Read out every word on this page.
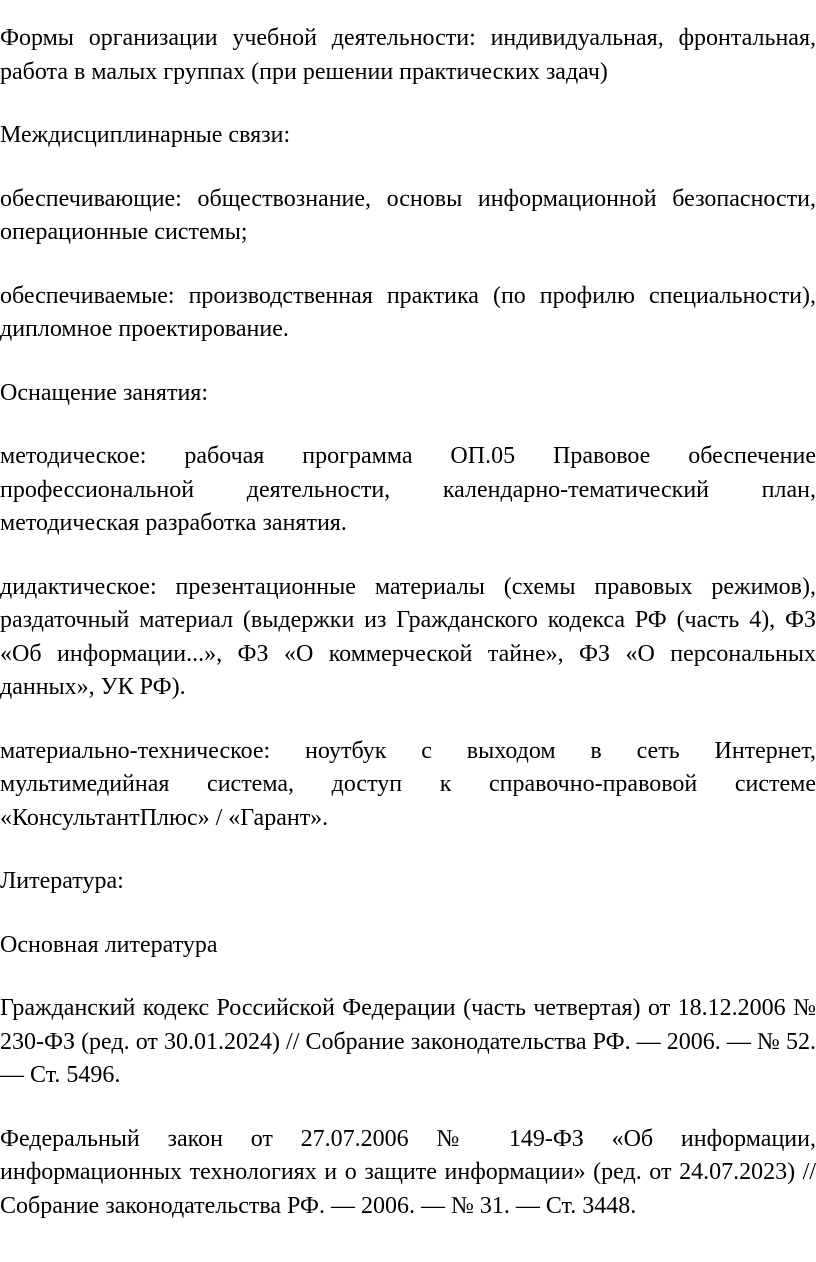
Формы организации учебной деятельности: индивидуальная, фронтальная, работа в малых группах (при решении практических задач)

Междисциплинарные связи:

обеспечивающие: обществознание, основы информационной безопасности, операционные системы;

обеспечиваемые: производственная практика (по профилю специальности), дипломное проектирование.

Оснащение занятия:

методическое: рабочая программа ОП.05 Правовое обеспечение профессиональной деятельности, календарно-тематический план, методическая разработка занятия.

дидактическое: презентационные материалы (схемы правовых режимов), раздаточный материал (выдержки из Гражданского кодекса РФ (часть 4), ФЗ «Об информации...», ФЗ «О коммерческой тайне», ФЗ «О персональных данных», УК РФ).

материально-техническое: ноутбук с выходом в сеть Интернет, мультимедийная система, доступ к справочно-правовой системе «КонсультантПлюс» / «Гарант».

Литература:

Основная литература

Гражданский кодекс Российской Федерации (часть четвертая) от 18.12.2006 № 230-ФЗ (ред. от 30.01.2024) // Собрание законодательства РФ. — 2006. — № 52. — Ст. 5496.

Федеральный закон от 27.07.2006 № 149-ФЗ «Об информации, информационных технологиях и о защите информации» (ред. от 24.07.2023) // Собрание законодательства РФ. — 2006. — № 31. — Ст. 3448.
